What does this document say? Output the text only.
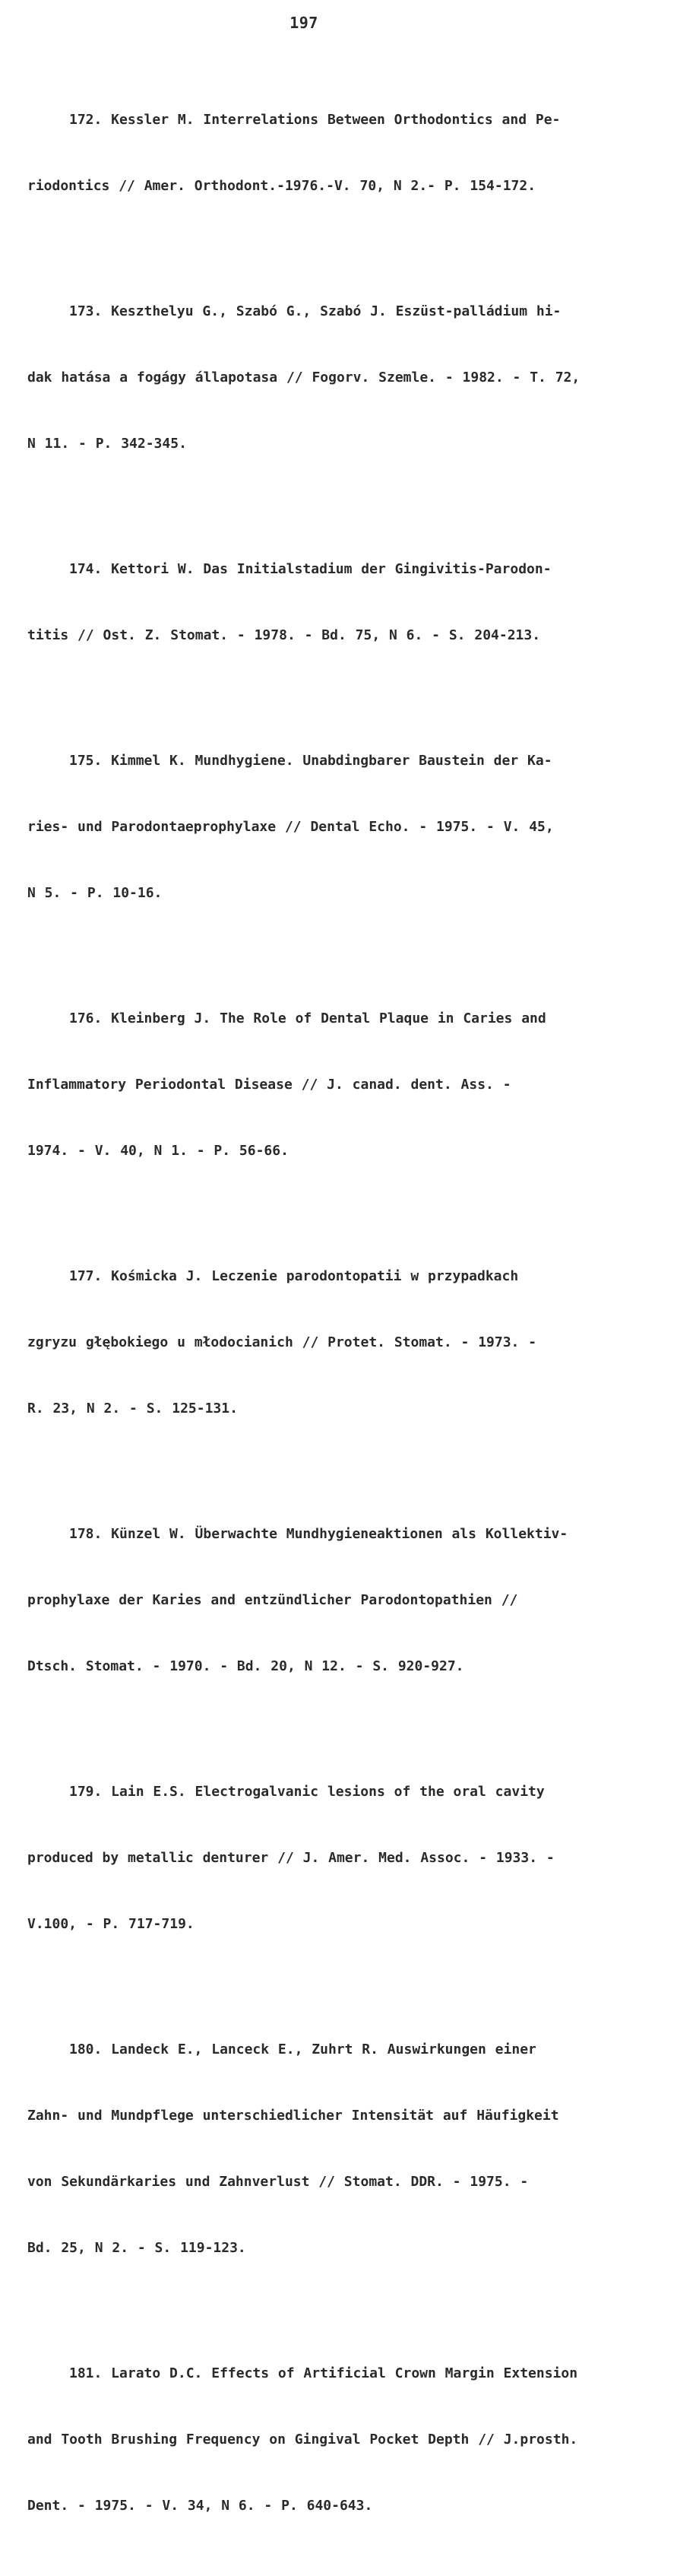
197

172. Kessler M. Interrelations Between Orthodontics and Pe-

riodontics // Amer. Orthodont.-1976.-V. 70, N 2.- P. 154-172.

173. Keszthelyu G., Szabó G., Szabó J. Eszüst-palládium hi-

dak hatása a fogágy állapotasa // Fogorv. Szemle. - 1982. - T. 72,

N 11. - P. 342-345.

174. Kettori W. Das Initialstadium der Gingivitis-Parodon-

titis // Ost. Z. Stomat. - 1978. - Bd. 75, N 6. - S. 204-213.

175. Kimmel K. Mundhygiene. Unabdingbarer Baustein der Ka-

ries- und Parodontaeprophylaxe // Dental Echo. - 1975. - V. 45,

N 5. - P. 10-16.

176. Kleinberg J. The Role of Dental Plaque in Caries and

Inflammatory Periodontal Disease // J. canad. dent. Ass. -

1974. - V. 40, N 1. - P. 56-66.

177. Kośmicka J. Leczenie parodontopatii w przypadkach

zgryzu głębokiego u młodocianich // Protet. Stomat. - 1973. -

R. 23, N 2. - S. 125-131.

178. Künzel W. Überwachte Mundhygieneaktionen als Kollektiv-

prophylaxe der Karies and entzündlicher Parodontopathien //

Dtsch. Stomat. - 1970. - Bd. 20, N 12. - S. 920-927.

179. Lain E.S. Electrogalvanic lesions of the oral cavity

produced by metallic denturer // J. Amer. Med. Assoc. - 1933. -

V.100, - P. 717-719.

180. Landeck E., Lanceck E., Zuhrt R. Auswirkungen einer

Zahn- und Mundpflege unterschiedlicher Intensität auf Häufigkeit

von Sekundärkaries und Zahnverlust // Stomat. DDR. - 1975. -

Bd. 25, N 2. - S. 119-123.

181. Larato D.C. Effects of Artificial Crown Margin Extension

and Tooth Brushing Frequency on Gingival Pocket Depth // J.prosth.

Dent. - 1975. - V. 34, N 6. - P. 640-643.
